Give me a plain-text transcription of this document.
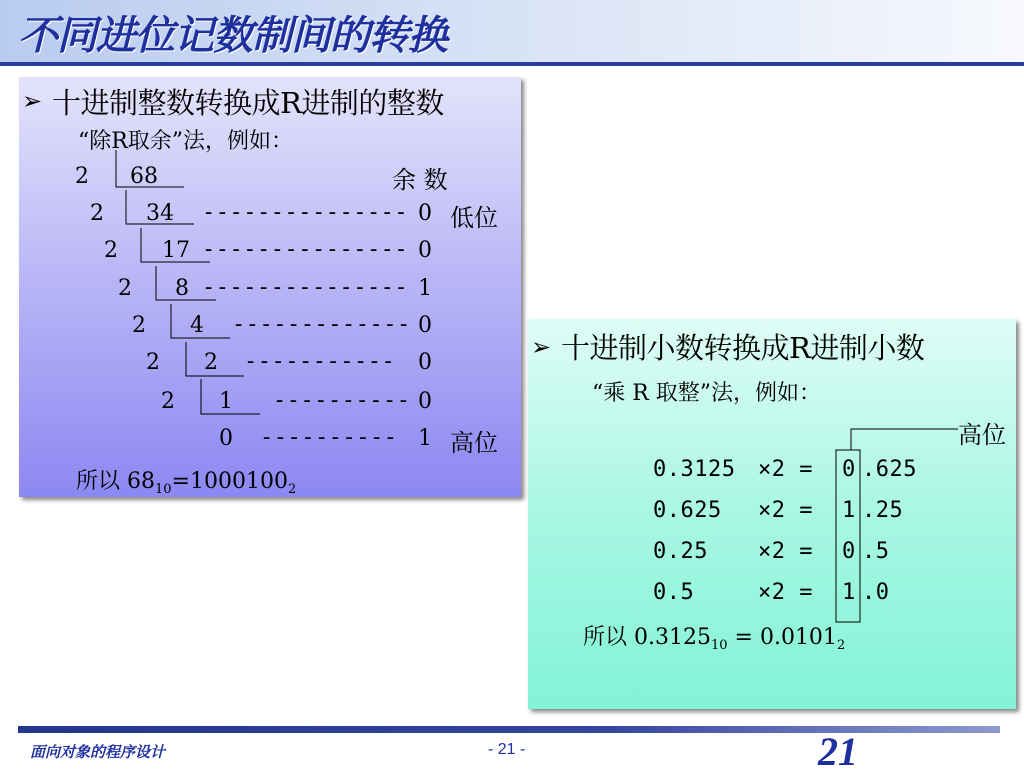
不同进位记数制间的转换
➢ 十进制整数转换成R进制的整数
“除R取余”法，例如：
余 数
2 68
2 34 --------------- 0 低位
2 17 --------------- 0
2 8 --------------- 1
2 4 ------------- 0
2 2 ----------- 0
2 1 ---------- 0
0 ---------- 1 高位
所以 $68_{10}=1000100_2$
➢ 十进制小数转换成R进制小数
“乘 R 取整”法，例如：
高位
0.3125 ×2 = 0 .625
0.625 ×2 = 1 .25
0.25 ×2 = 0 .5
0.5	×2 = 1 .0
所以 $0.3125_{10} = 0.0101_2$
面向对象的程序设计	- 21 -	21
